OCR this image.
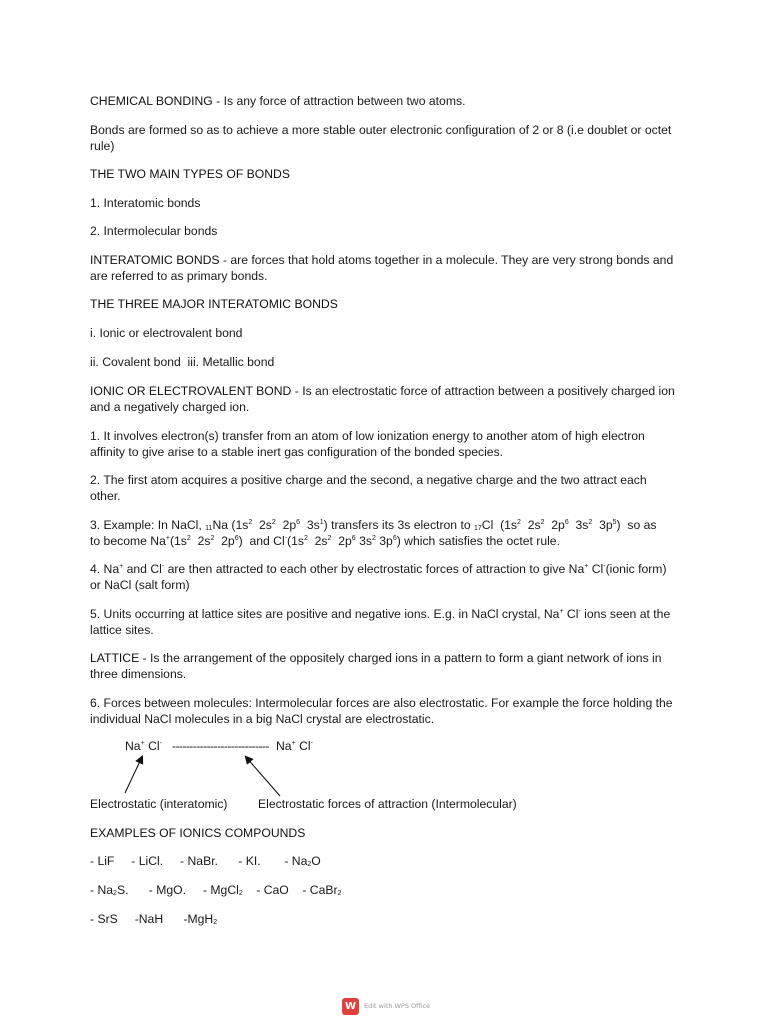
CHEMICAL BONDING - Is any force of attraction between two atoms.

Bonds are formed so as to achieve a more stable outer electronic configuration of 2 or 8 (i.e doublet or octet rule)

THE TWO MAIN TYPES OF BONDS

1. Interatomic bonds

2. Intermolecular bonds

INTERATOMIC BONDS - are forces that hold atoms together in a molecule. They are very strong bonds and are referred to as primary bonds.

THE THREE MAJOR INTERATOMIC BONDS

i. Ionic or electrovalent bond

ii. Covalent bond  iii. Metallic bond

IONIC OR ELECTROVALENT BOND - Is an electrostatic force of attraction between a positively charged ion and a negatively charged ion.

1. It involves electron(s) transfer from an atom of low ionization energy to another atom of high electron affinity to give arise to a stable inert gas configuration of the bonded species.

2. The first atom acquires a positive charge and the second, a negative charge and the two attract each other.

3. Example: In NaCl, $_{11}$Na ($1s^2$  $2s^2$  $2p^6$  $3s^1$) transfers its 3s electron to $_{17}$Cl  ($1s^2$  $2s^2$  $2p^6$  $3s^2$  $3p^5$)  so as
to become $Na^+(1s^2$  $2s^2$  $2p^6$)  and $Cl^-(1s^2$  $2s^2$  $2p^6$ $3s^2$ $3p^6$) which satisfies the octet rule.

4. Na+ and Cl- are then attracted to each other by electrostatic forces of attraction to give Na+ Cl-(ionic form) or NaCl (salt form)

5. Units occurring at lattice sites are positive and negative ions. E.g. in NaCl crystal, Na+ Cl- ions seen at the lattice sites.

LATTICE - Is the arrangement of the oppositely charged ions in a pattern to form a giant network of ions in three dimensions.

6. Forces between molecules: Intermolecular forces are also electrostatic. For example the force holding the individual NaCl molecules in a big NaCl crystal are electrostatic.

Na+ Cl- ---------------------------- Na+ Cl-
Electrostatic (interatomic)	Electrostatic forces of attraction (Intermolecular)

EXAMPLES OF IONICS COMPOUNDS

- LiF     - LiCl.     - NaBr.      - KI.       - $Na_2O$

- $Na_2S$.      - MgO.     - MgCl$_2$    - CaO    - CaBr$_2$

- SrS     -NaH      -MgH$_2$

W	Edit with WPS Office
